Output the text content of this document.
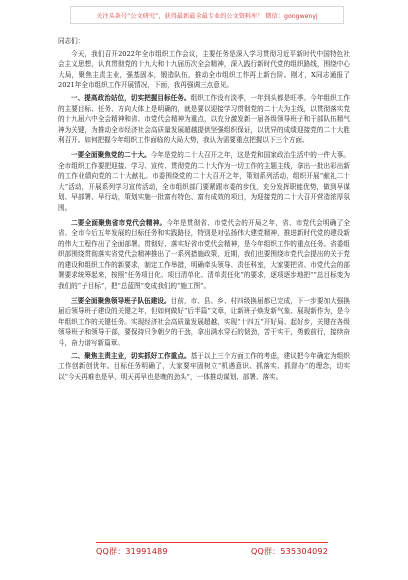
关注头条号“公文研究”，获得最新最全最专业的公文资料库！ 微信：gongwenyj

同志们：

今天，我们召开2022年全市组织工作会议，主要任务是深入学习贯彻习近平新时代中国特色社会主义思想，认真贯彻党的十九大和十九届历次全会精神，深入践行新时代党的组织路线，围绕中心大局，聚焦主责主业，强基固本，锻造队伍，推动全市组织工作再上新台阶。刚才，X同志通报了2021年全市组织工作开展情况，下面，我再强调三点意见。

一、提高政治站位，切实把握目标任务。组织工作没有淡季，一年到头都是旺季。今年组织工作的主要目标、任务、方向大体上是明确的，就是要以迎接学习贯彻党的二十大为主线，以贯彻落实党的十九届六中全会精神和省、市党代会精神为重点，以充分激发新一届各级领导班子和干部队伍精气神为关键，为推动全市经济社会高质量发展超越提供坚强组织保证，以优异的成绩迎接党的二十大胜利召开。如何把握今年组织工作面临的大局大势，我认为需要重点把握以下三个方面。

一要全面聚焦党的二十大。今年是党的二十大召开之年，这是党和国家政治生活中的一件大事。全市组织工作要把迎接、学习、宣传、贯彻党的二十大作为一切工作的主题主线，拿出一批出彩出新的工作业绩向党的二十大献礼。市委围绕党的二十大召开之年，策划系列活动，组织开展“献礼二十大”活动，开展系列学习宣传活动，全市组织部门要紧跟市委的步伐，充分发挥职能优势，做到早谋划、早部署、早行动，策划实施一批富有特色、富有成效的项目，为迎接党的二十大召开营造浓厚氛围。

二要全面聚焦省市党代会精神。今年是贯彻省、市党代会的开局之年，省、市党代会明确了全省、全市今后五年发展的目标任务和实践路径，特别是对弘扬伟大建党精神，推进新时代党的建设新的伟大工程作出了全面部署。贯彻好、落实好省市党代会精神，是今年组织工作的重点任务。省委组织部围绕贯彻落实省党代会精神推出了一系列措施政策，近期，我们也要围绕市党代会提出的关于党的建设和组织工作的新要求，制定工作举措，明确牵头领导、责任科室，大家要把省、市党代会的部署要求统筹起来，按照“任务项目化、项目清单化、清单责任化”的要求，逐项逐步地把“”总目标变为我们的“子目标”，把“总蓝图”变成我们的“施工图”。

三要全面聚焦领导班子队伍建设。目前，市、县、乡、村四级换届都已完成，下一步要加大强换届后领导班子建设的关键之年，但如何做好“后半篇”文章，让新班子焕发新气象、展现新作为，是今年组织工作的关键任务。实现经济社会高质量发展超越，实现“十四五”开好局、起好步，关键在各级领导班子和领导干部，要保持只争朝夕的干劲，拿出满水穿石的韧劲，苦干实干，勇毅前行，接续奋斗，奋力谱写新篇章。

二、聚焦主责主业，切实抓好工作重点。基于以上三个方面工作的考虑，建议把今年确定为组织工作创新创优年。目标任务明确了，大家要牢固树立“机遇意识、抓落实、抓督办”的理念，切实以“今天再难也是早，明天再早也是晚的劲头”，一体推动谋划、部署、落实。

QQ群：31991489	QQ群：535304092
